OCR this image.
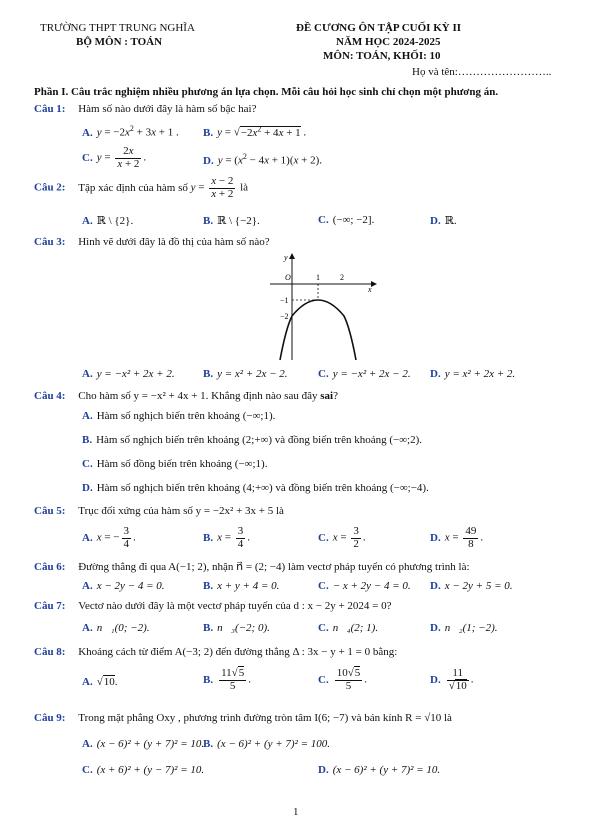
TRƯỜNG THPT TRUNG NGHĨA
BỘ MÔN : TOÁN
ĐỀ CƯƠNG ÔN TẬP CUỐI KỲ II
NĂM HỌC 2024-2025
MÔN: TOÁN, KHỐI: 10
Họ và tên:……………………..
Phần I. Câu trắc nghiệm nhiều phương án lựa chọn. Mỗi câu hỏi học sinh chỉ chọn một phương án.
Câu 1: Hàm số nào dưới đây là hàm số bậc hai?
A. $y = -2x^2 + 3x + 1$ . B. $y = √-2x^2 + 4x + 1$ .
C. $y = \frac{2x}{x + 2}$ .	D. $y = (x^2 - 4x + 1)(x + 2)$.
Câu 2: Tập xác định của hàm số $y = \frac{x - 2}{x + 2}$ là
A. ℝ \ {2}.	B. ℝ \ {−2}.	C. (−∞; −2].	D. ℝ.
Câu 3: Hình vẽ dưới đây là đồ thị của hàm số nào?
y
O	1	2
x
−1
−2
A. y = −x² + 2x + 2.	B. y = x² + 2x − 2.	C. y = −x² + 2x − 2. D. y = x² + 2x + 2.
Câu 4: Cho hàm số y = −x² + 4x + 1. Khẳng định nào sau đây sai?
A. Hàm số nghịch biến trên khoảng (−∞;1).
B. Hàm số nghịch biến trên khoảng (2;+∞) và đồng biến trên khoảng (−∞;2).
C. Hàm số đồng biến trên khoảng (−∞;1).
D. Hàm số nghịch biến trên khoảng (4;+∞) và đồng biến trên khoảng (−∞;−4).
Câu 5: Trục đối xứng của hàm số y = −2x² + 3x + 5 là
A. x = − $\frac{3}{4}$ .	B. $x = \frac{3}{4}$ .	C. $x = \frac{3}{2}$ .	D. $x = \frac{49}{8}$ .
Câu 6: Đường thẳng đi qua A(−1; 2), nhận n⃗ = (2; −4) làm vectơ pháp tuyến có phương trình là:
A. x − 2y − 4 = 0.	B. x + y + 4 = 0.	C. − x + 2y − 4 = 0. D. x − 2y + 5 = 0.
Câu 7: Vectơ nào dưới đây là một vectơ pháp tuyến của d : x − 2y + 2024 = 0?
A. n⃗₁(0; −2).	B. n⃗₃(−2; 0).	C. n⃗₄(2; 1).	D. n⃗₂(1; −2).
Câu 8: Khoảng cách từ điểm A(−3; 2) đến đường thẳng Δ : 3x − y + 1 = 0 bằng:
A. √10.	B. $\frac{11√5}{5}$ .	C. $\frac{10√5}{5}$ .	D. $\frac{11}{√10}$ .
Câu 9: Trong mặt phẳng Oxy , phương trình đường tròn tâm I(6; −7) và bán kính R = √10 là
A. (x − 6)² + (y + 7)² = 10.
B. (x − 6)² + (y + 7)² = 100.
C. (x + 6)² + (y − 7)² = 10.	D. (x − 6)² + (y + 7)² = 10.
1
